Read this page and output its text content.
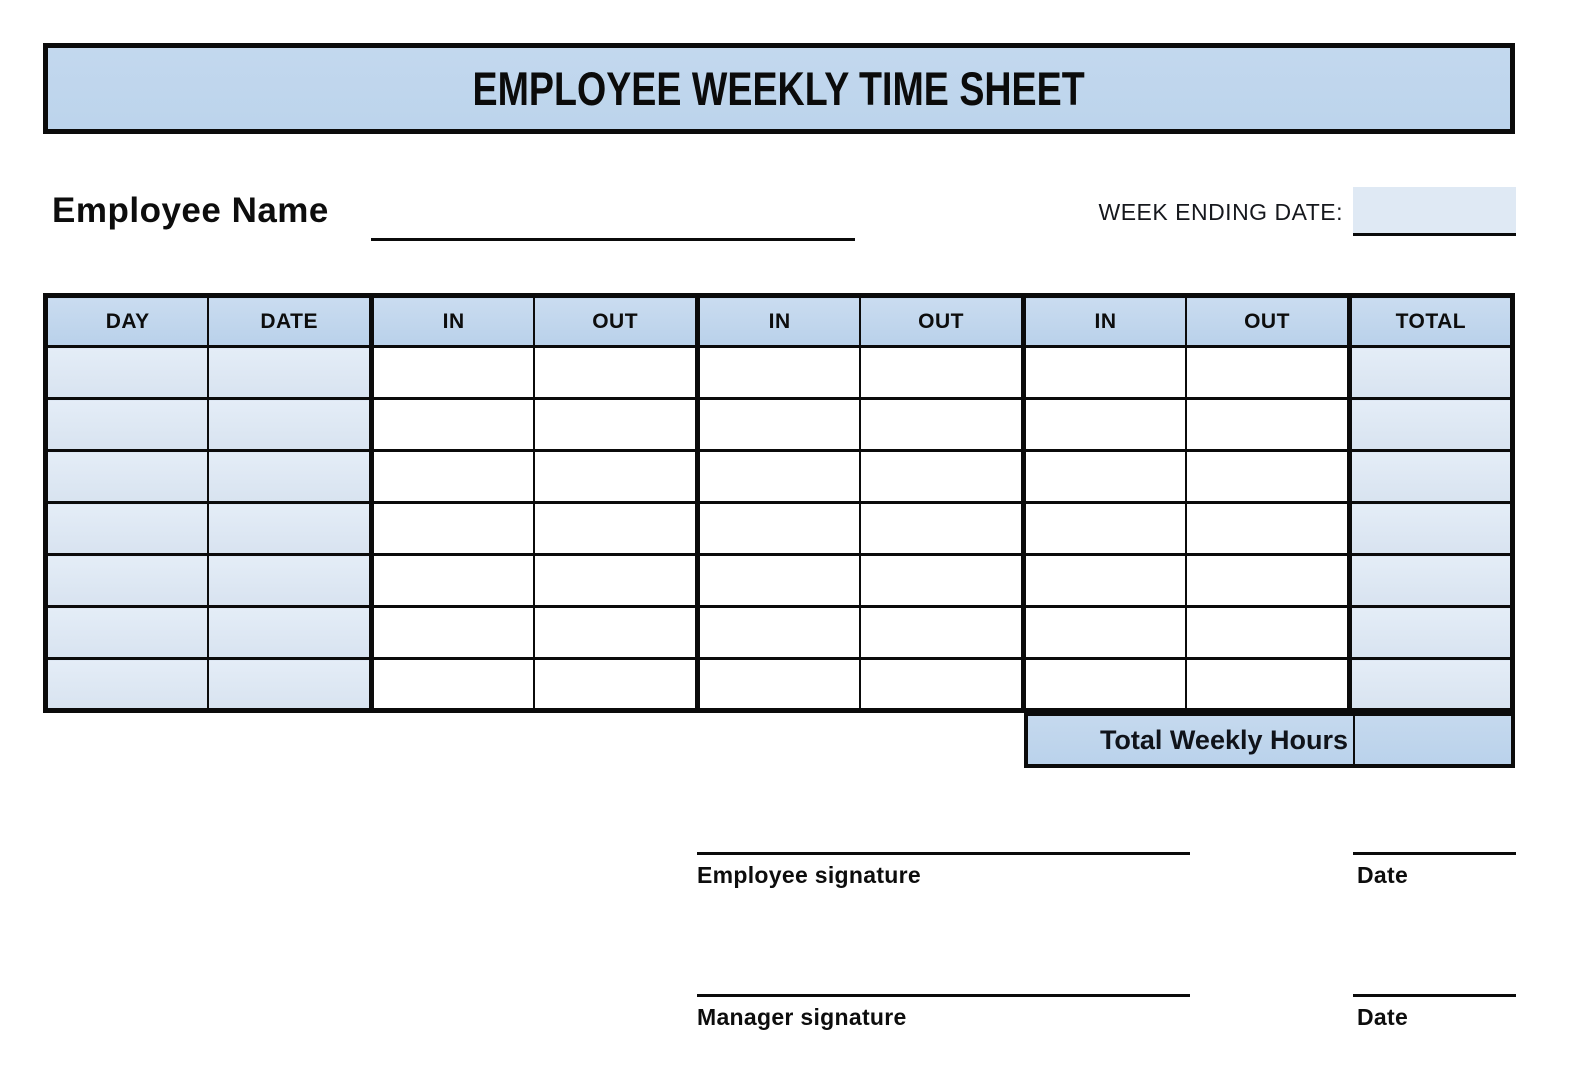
EMPLOYEE WEEKLY TIME SHEET
Employee Name	WEEK ENDING DATE:
DAY	DATE	IN	OUT	IN	OUT	IN	OUT	TOTAL

Total Weekly Hours
Employee signature	Date
Manager signature	Date
